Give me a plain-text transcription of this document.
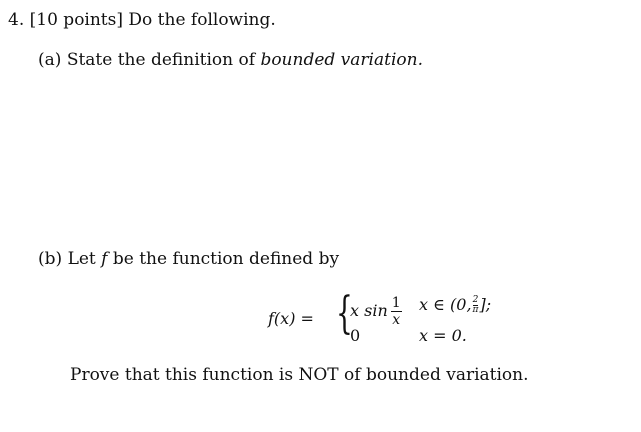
4. [10 points] Do the following.
(a) State the definition of bounded variation.
(b) Let f be the function defined by
f(x) = {
x $\sin \frac{1}{x}$ x ∈ (0, $\frac{2}{\pi}$ ];
0	x = 0.
Prove that this function is NOT of bounded variation.
